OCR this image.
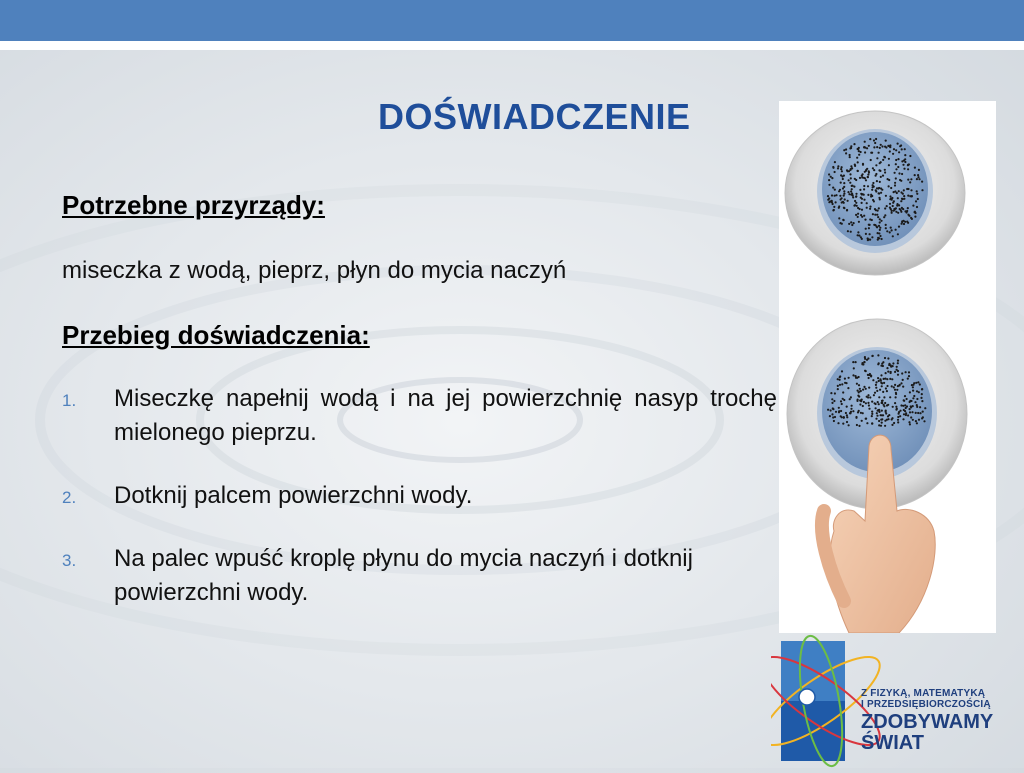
DOŚWIADCZENIE
Potrzebne przyrządy:

miseczka z wodą, pieprz, płyn do mycia naczyń

Przebieg doświadczenia:
1. Miseczkę napełnij wodą i na jej powierzchnię nasyp trochę mielonego pieprzu.
2. Dotknij palcem powierzchni wody.
3. Na palec wpuść kroplę płynu do mycia naczyń i dotknij powierzchni wody.
Z FIZYKĄ, MATEMATYKĄ
I PRZEDSIĘBIORCZOŚCIĄ
ZDOBYWAMY
ŚWIAT
